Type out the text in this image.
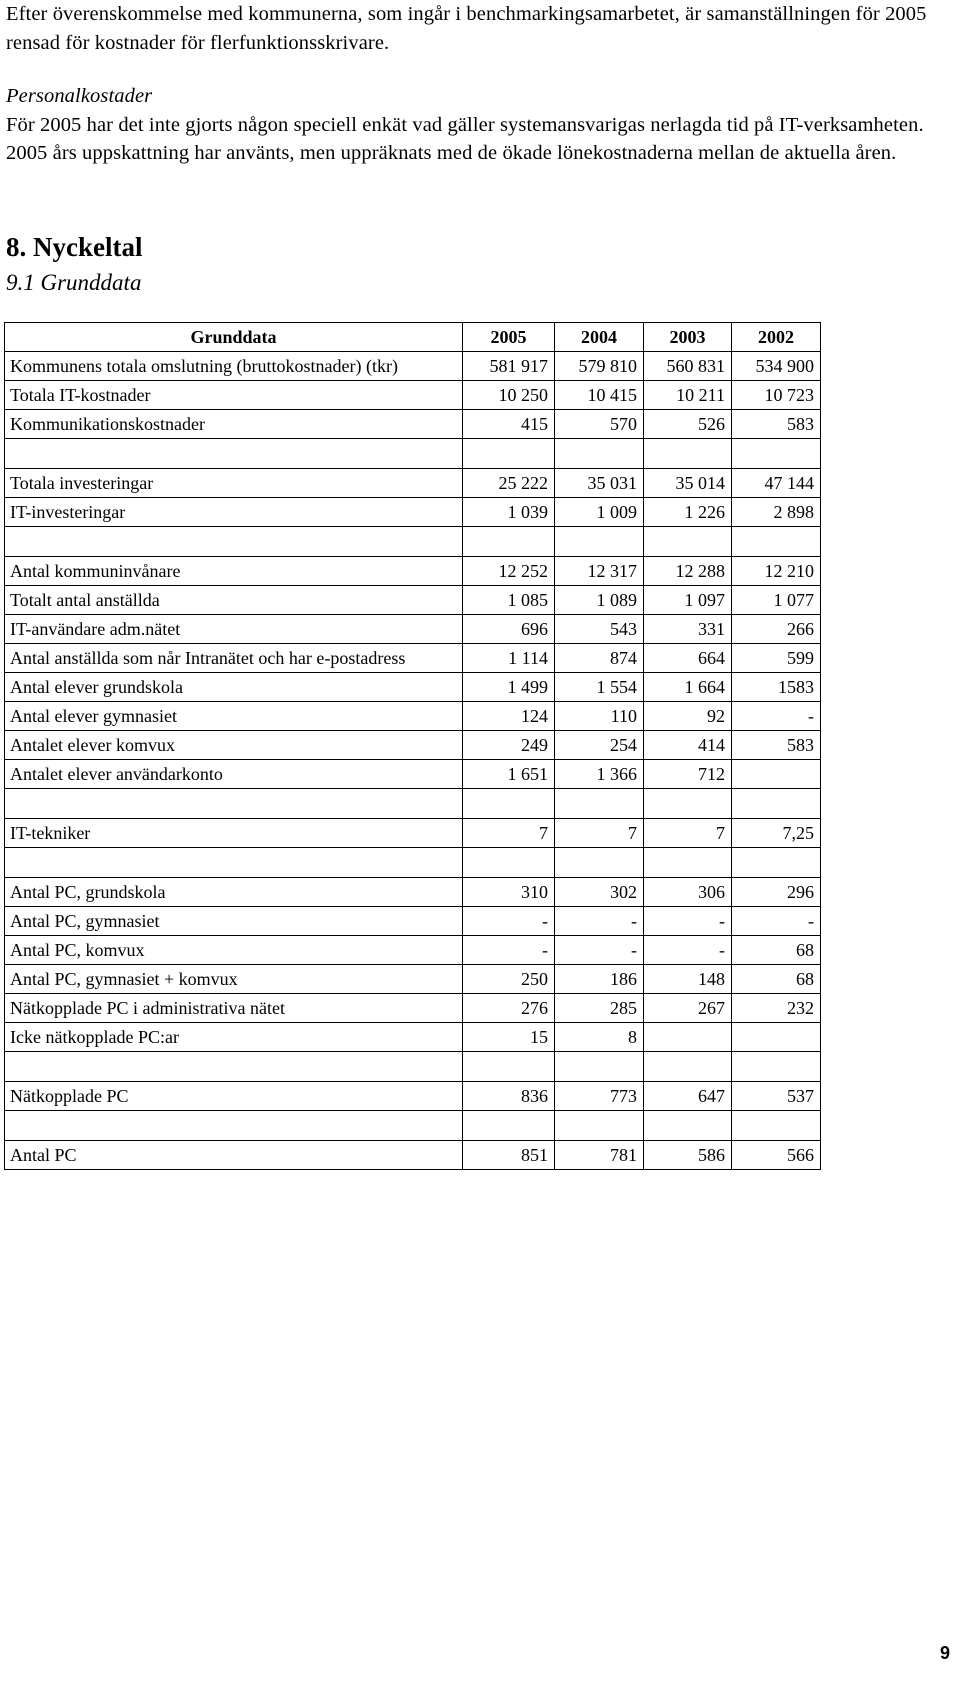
Efter överenskommelse med kommunerna, som ingår i benchmarkingsamarbetet, är samanställningen för 2005 rensad för kostnader för flerfunktionsskrivare.
Personalkostader
För 2005 har det inte gjorts någon speciell enkät vad gäller systemansvarigas nerlagda tid på IT-verksamheten. 2005 års uppskattning har använts, men uppräknats med de ökade lönekostnaderna mellan de aktuella åren.
8. Nyckeltal
9.1 Grunddata
Grunddata	2005	2004	2003	2002
Kommunens totala omslutning (bruttokostnader) (tkr)	581 917	579 810	560 831	534 900
Totala IT-kostnader	10 250	10 415	10 211	10 723
Kommunikationskostnader	415	570	526	583

Totala investeringar	25 222	35 031	35 014	47 144
IT-investeringar	1 039	1 009	1 226	2 898

Antal kommuninvånare	12 252	12 317	12 288	12 210
Totalt antal anställda	1 085	1 089	1 097	1 077
IT-användare adm.nätet	696	543	331	266
Antal anställda som når Intranätet och har e-postadress	1 114	874	664	599
Antal elever grundskola	1 499	1 554	1 664	1583
Antal elever gymnasiet	124	110	92	-
Antalet elever komvux	249	254	414	583
Antalet elever användarkonto	1 651	1 366	712	

IT-tekniker	7	7	7	7,25

Antal PC, grundskola	310	302	306	296
Antal PC, gymnasiet	-	-	-	-
Antal PC, komvux	-	-	-	68
Antal PC, gymnasiet + komvux	250	186	148	68
Nätkopplade PC i administrativa nätet	276	285	267	232
Icke nätkopplade PC:ar	15	8		

Nätkopplade PC	836	773	647	537

Antal PC	851	781	586	566
9
